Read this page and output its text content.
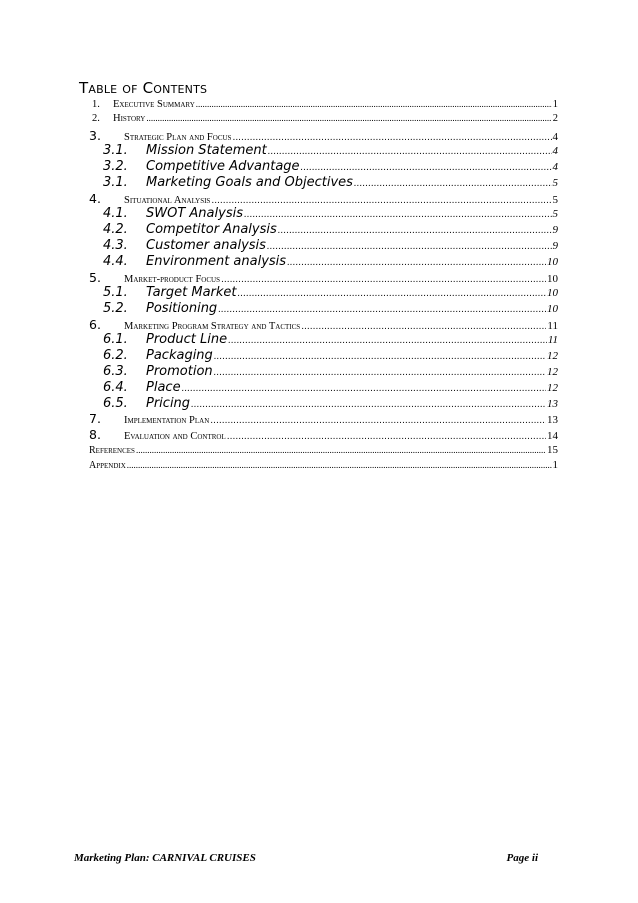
Table of Contents
1.	Executive Summary .....	1
2.	History .....	2
3.	Strategic Plan and Focus .....	4
3.1.	Mission Statement .....	4
3.2.	Competitive Advantage .....	4
3.1.	Marketing Goals and Objectives .....	5
4.	Situational Analysis .....	5
4.1.	SWOT Analysis .....	5
4.2.	Competitor Analysis .....	9
4.3.	Customer analysis .....	9
4.4.	Environment analysis .....	10
5.	Market-product Focus .....	10
5.1.	Target Market .....	10
5.2.	Positioning .....	10
6.	Marketing Program Strategy and Tactics .....	11
6.1.	Product Line .....	11
6.2.	Packaging .....	12
6.3.	Promotion .....	12
6.4.	Place .....	12
6.5.	Pricing .....	13
7.	Implementation Plan .....	13
8.	Evaluation and Control .....	14
References .....	15
Appendix .....	1
Marketing Plan: CARNIVAL CRUISES	Page ii
